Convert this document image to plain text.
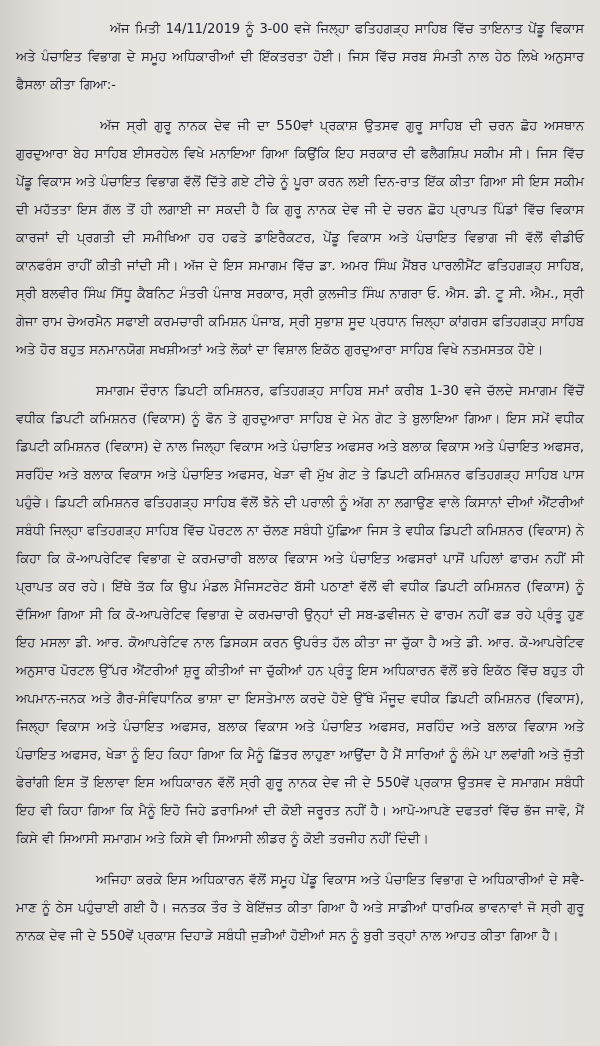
ਅੱਜ ਮਿਤੀ 14/11/2019 ਨੂੰ 3-00 ਵਜੇ ਜਿਲ੍ਹਾ ਫਤਿਹਗੜ੍ਹ ਸਾਹਿਬ ਵਿੱਚ ਤਾਇਨਾਤ ਪੇਂਡੂ ਵਿਕਾਸ ਅਤੇ ਪੰਚਾਇਤ ਵਿਭਾਗ ਦੇ ਸਮੂਹ ਅਧਿਕਾਰੀਆਂ ਦੀ ਇੱਕਤਰਤਾ ਹੋਈ। ਜਿਸ ਵਿੱਚ ਸਰਬ ਸੰਮਤੀ ਨਾਲ ਹੇਠ ਲਿਖੇ ਅਨੁਸਾਰ ਫੈਸਲਾ ਕੀਤਾ ਗਿਆ:-

ਅੱਜ ਸ੍ਰੀ ਗੁਰੂ ਨਾਨਕ ਦੇਵ ਜੀ ਦਾ 550ਵਾਂ ਪ੍ਰਕਾਸ਼ ਉਤਸਵ ਗੁਰੂ ਸਾਹਿਬ ਦੀ ਚਰਨ ਛੋਹ ਅਸਥਾਨ ਗੁਰਦੁਆਰਾ ਬੇਹ ਸਾਹਿਬ ਈਸਰਹੇਲ ਵਿਖੇ ਮਨਾਇਆ ਗਿਆ ਕਿਉਂਕਿ ਇਹ ਸਰਕਾਰ ਦੀ ਫਲੈਗਸ਼ਿਪ ਸਕੀਮ ਸੀ। ਜਿਸ ਵਿੱਚ ਪੇਂਡੂ ਵਿਕਾਸ ਅਤੇ ਪੰਚਾਇਤ ਵਿਭਾਗ ਵੱਲੋਂ ਦਿੱਤੇ ਗਏ ਟੀਚੇ ਨੂੰ ਪੂਰਾ ਕਰਨ ਲਈ ਦਿਨ-ਰਾਤ ਇੱਕ ਕੀਤਾ ਗਿਆ ਸੀ ਇਸ ਸਕੀਮ ਦੀ ਮਹੱਤਤਾ ਇਸ ਗੱਲ ਤੋਂ ਹੀ ਲਗਾਈ ਜਾ ਸਕਦੀ ਹੈ ਕਿ ਗੁਰੂ ਨਾਨਕ ਦੇਵ ਜੀ ਦੇ ਚਰਨ ਛੋਹ ਪ੍ਰਾਪਤ ਪਿੰਡਾਂ ਵਿੱਚ ਵਿਕਾਸ ਕਾਰਜਾਂ ਦੀ ਪ੍ਰਗਤੀ ਦੀ ਸਮੀਖਿਆ ਹਰ ਹਫਤੇ ਡਾਇਰੈਕਟਰ, ਪੇਂਡੂ ਵਿਕਾਸ ਅਤੇ ਪੰਚਾਇਤ ਵਿਭਾਗ ਜੀ ਵੱਲੋਂ ਵੀਡੀਓ ਕਾਨਫਰੰਸ ਰਾਹੀਂ ਕੀਤੀ ਜਾਂਦੀ ਸੀ। ਅੱਜ ਦੇ ਇਸ ਸਮਾਗਮ ਵਿੱਚ ਡਾ. ਅਮਰ ਸਿੰਘ ਮੈਂਬਰ ਪਾਰਲੀਮੈਂਟ ਫਤਿਹਗੜ੍ਹ ਸਾਹਿਬ, ਸ੍ਰੀ ਬਲਵੀਰ ਸਿੰਘ ਸਿੱਧੂ ਕੈਬਨਿਟ ਮੰਤਰੀ ਪੰਜਾਬ ਸਰਕਾਰ, ਸ੍ਰੀ ਕੁਲਜੀਤ ਸਿੰਘ ਨਾਗਰਾ ਓ. ਐਸ. ਡੀ. ਟੂ ਸੀ. ਐਮ., ਸ੍ਰੀ ਗੇਜਾ ਰਾਮ ਚੇਅਰਮੈਨ ਸਫਾਈ ਕਰਮਚਾਰੀ ਕਮਿਸ਼ਨ ਪੰਜਾਬ, ਸ੍ਰੀ ਸੁਭਾਸ਼ ਸੂਦ ਪ੍ਰਧਾਨ ਜ਼ਿਲ੍ਹਾ ਕਾਂਗਰਸ ਫਤਿਹਗੜ੍ਹ ਸਾਹਿਬ ਅਤੇ ਹੋਰ ਬਹੁਤ ਸਨਮਾਨਯੋਗ ਸਖਸ਼ੀਅਤਾਂ ਅਤੇ ਲੋਕਾਂ ਦਾ ਵਿਸ਼ਾਲ ਇਕੱਠ ਗੁਰਦੁਆਰਾ ਸਾਹਿਬ ਵਿਖੇ ਨਤਮਸਤਕ ਹੋਏ।

ਸਮਾਗਮ ਦੌਰਾਨ ਡਿਪਟੀ ਕਮਿਸ਼ਨਰ, ਫਤਿਹਗੜ੍ਹ ਸਾਹਿਬ ਸਮਾਂ ਕਰੀਬ 1-30 ਵਜੇ ਚੱਲਦੇ ਸਮਾਗਮ ਵਿੱਚੋਂ ਵਧੀਕ ਡਿਪਟੀ ਕਮਿਸ਼ਨਰ (ਵਿਕਾਸ) ਨੂੰ ਫੋਨ ਤੇ ਗੁਰਦੁਆਰਾ ਸਾਹਿਬ ਦੇ ਮੇਨ ਗੇਟ ਤੇ ਬੁਲਾਇਆ ਗਿਆ। ਇਸ ਸਮੇਂ ਵਧੀਕ ਡਿਪਟੀ ਕਮਿਸ਼ਨਰ (ਵਿਕਾਸ) ਦੇ ਨਾਲ ਜਿਲ੍ਹਾ ਵਿਕਾਸ ਅਤੇ ਪੰਚਾਇਤ ਅਫਸਰ ਅਤੇ ਬਲਾਕ ਵਿਕਾਸ ਅਤੇ ਪੰਚਾਇਤ ਅਫਸਰ, ਸਰਹਿੰਦ ਅਤੇ ਬਲਾਕ ਵਿਕਾਸ ਅਤੇ ਪੰਚਾਇਤ ਅਫਸਰ, ਖੇੜਾ ਵੀ ਮੁੱਖ ਗੇਟ ਤੇ ਡਿਪਟੀ ਕਮਿਸ਼ਨਰ ਫਤਿਹਗੜ੍ਹ ਸਾਹਿਬ ਪਾਸ ਪਹੁੰਚੇ। ਡਿਪਟੀ ਕਮਿਸ਼ਨਰ ਫਤਿਹਗੜ੍ਹ ਸਾਹਿਬ ਵੱਲੋਂ ਝੋਨੇ ਦੀ ਪਰਾਲੀ ਨੂੰ ਅੱਗ ਨਾ ਲਗਾਉਣ ਵਾਲੇ ਕਿਸਾਨਾਂ ਦੀਆਂ ਐਂਟਰੀਆਂ ਸਬੰਧੀ ਜਿਲ੍ਹਾ ਫਤਿਹਗੜ੍ਹ ਸਾਹਿਬ ਵਿੱਚ ਪੋਰਟਲ ਨਾ ਚੱਲਣ ਸਬੰਧੀ ਪੁੱਛਿਆ ਜਿਸ ਤੇ ਵਧੀਕ ਡਿਪਟੀ ਕਮਿਸ਼ਨਰ (ਵਿਕਾਸ) ਨੇ ਕਿਹਾ ਕਿ ਕੋ-ਆਪਰੇਟਿਵ ਵਿਭਾਗ ਦੇ ਕਰਮਚਾਰੀ ਬਲਾਕ ਵਿਕਾਸ ਅਤੇ ਪੰਚਾਇਤ ਅਫਸਰਾਂ ਪਾਸੋਂ ਪਹਿਲਾਂ ਫਾਰਮ ਨਹੀਂ ਸੀ ਪ੍ਰਾਪਤ ਕਰ ਰਹੇ। ਇੱਥੇ ਤੱਕ ਕਿ ਉਪ ਮੰਡਲ ਮੈਜਿਸਟਰੇਟ ਬੱਸੀ ਪਠਾਣਾਂ ਵੱਲੋਂ ਵੀ ਵਧੀਕ ਡਿਪਟੀ ਕਮਿਸ਼ਨਰ (ਵਿਕਾਸ) ਨੂੰ ਦੱਸਿਆ ਗਿਆ ਸੀ ਕਿ ਕੋ-ਆਪਰੇਟਿਵ ਵਿਭਾਗ ਦੇ ਕਰਮਚਾਰੀ ਉਨ੍ਹਾਂ ਦੀ ਸਬ-ਡਵੀਜਨ ਦੇ ਫਾਰਮ ਨਹੀਂ ਫੜ ਰਹੇ ਪ੍ਰੰਤੂ ਹੁਣ ਇਹ ਮਸਲਾ ਡੀ. ਆਰ. ਕੋਆਪਰੇਟਿਵ ਨਾਲ ਡਿਸਕਸ ਕਰਨ ਉਪਰੰਤ ਹੱਲ ਕੀਤਾ ਜਾ ਚੁੱਕਾ ਹੈ ਅਤੇ ਡੀ. ਆਰ. ਕੋ-ਆਪਰੇਟਿਵ ਅਨੁਸਾਰ ਪੋਰਟਲ ਉੱਪਰ ਐਂਟਰੀਆਂ ਸ਼ੁਰੂ ਕੀਤੀਆਂ ਜਾ ਚੁੱਕੀਆਂ ਹਨ ਪ੍ਰੰਤੂ ਇਸ ਅਧਿਕਾਰਨ ਵੱਲੋਂ ਭਰੇ ਇਕੱਠ ਵਿੱਚ ਬਹੁਤ ਹੀ ਅਪਮਾਨ-ਜਨਕ ਅਤੇ ਗੈਰ-ਸੰਵਿਧਾਨਿਕ ਭਾਸ਼ਾ ਦਾ ਇਸਤੇਮਾਲ ਕਰਦੇ ਹੋਏ ਉੱਥੇ ਮੌਜੂਦ ਵਧੀਕ ਡਿਪਟੀ ਕਮਿਸ਼ਨਰ (ਵਿਕਾਸ), ਜਿਲ੍ਹਾ ਵਿਕਾਸ ਅਤੇ ਪੰਚਾਇਤ ਅਫਸਰ, ਬਲਾਕ ਵਿਕਾਸ ਅਤੇ ਪੰਚਾਇਤ ਅਫਸਰ, ਸਰਹਿੰਦ ਅਤੇ ਬਲਾਕ ਵਿਕਾਸ ਅਤੇ ਪੰਚਾਇਤ ਅਫਸਰ, ਖੇੜਾ ਨੂੰ ਇਹ ਕਿਹਾ ਗਿਆ ਕਿ ਮੈਨੂੰ ਛਿੱਤਰ ਲਾਹੁਣਾ ਆਉਂਦਾ ਹੈ ਮੈਂ ਸਾਰਿਆਂ ਨੂੰ ਲੰਮੇ ਪਾ ਲਵਾਂਗੀ ਅਤੇ ਜੁੱਤੀ ਫੇਰਾਂਗੀ ਇਸ ਤੋਂ ਇਲਾਵਾ ਇਸ ਅਧਿਕਾਰਨ ਵੱਲੋਂ ਸ੍ਰੀ ਗੁਰੂ ਨਾਨਕ ਦੇਵ ਜੀ ਦੇ 550ਵੇਂ ਪ੍ਰਕਾਸ਼ ਉਤਸਵ ਦੇ ਸਮਾਗਮ ਸਬੰਧੀ ਇਹ ਵੀ ਕਿਹਾ ਗਿਆ ਕਿ ਮੈਨੂੰ ਇਹੋ ਜਿਹੇ ਡਰਾਮਿਆਂ ਦੀ ਕੋਈ ਜਰੂਰਤ ਨਹੀਂ ਹੈ। ਆਪੋ-ਆਪਣੇ ਦਫਤਰਾਂ ਵਿੱਚ ਭੱਜ ਜਾਵੋ, ਮੈਂ ਕਿਸੇ ਵੀ ਸਿਆਸੀ ਸਮਾਗਮ ਅਤੇ ਕਿਸੇ ਵੀ ਸਿਆਸੀ ਲੀਡਰ ਨੂੰ ਕੋਈ ਤਰਜੀਹ ਨਹੀਂ ਦਿੰਦੀ।

ਅਜਿਹਾ ਕਰਕੇ ਇਸ ਅਧਿਕਾਰਨ ਵੱਲੋਂ ਸਮੂਹ ਪੇਂਡੂ ਵਿਕਾਸ ਅਤੇ ਪੰਚਾਇਤ ਵਿਭਾਗ ਦੇ ਅਧਿਕਾਰੀਆਂ ਦੇ ਸਵੈ-ਮਾਣ ਨੂੰ ਠੇਸ ਪਹੁੰਚਾਈ ਗਈ ਹੈ। ਜਨਤਕ ਤੌਰ ਤੇ ਬੇਇੱਜ਼ਤ ਕੀਤਾ ਗਿਆ ਹੈ ਅਤੇ ਸਾਡੀਆਂ ਧਾਰਮਿਕ ਭਾਵਨਾਵਾਂ ਜੋ ਸ੍ਰੀ ਗੁਰੂ ਨਾਨਕ ਦੇਵ ਜੀ ਦੇ 550ਵੇਂ ਪ੍ਰਕਾਸ਼ ਦਿਹਾੜੇ ਸਬੰਧੀ ਜੁੜੀਆਂ ਹੋਈਆਂ ਸਨ ਨੂੰ ਬੁਰੀ ਤਰ੍ਹਾਂ ਨਾਲ ਆਹਤ ਕੀਤਾ ਗਿਆ ਹੈ।
